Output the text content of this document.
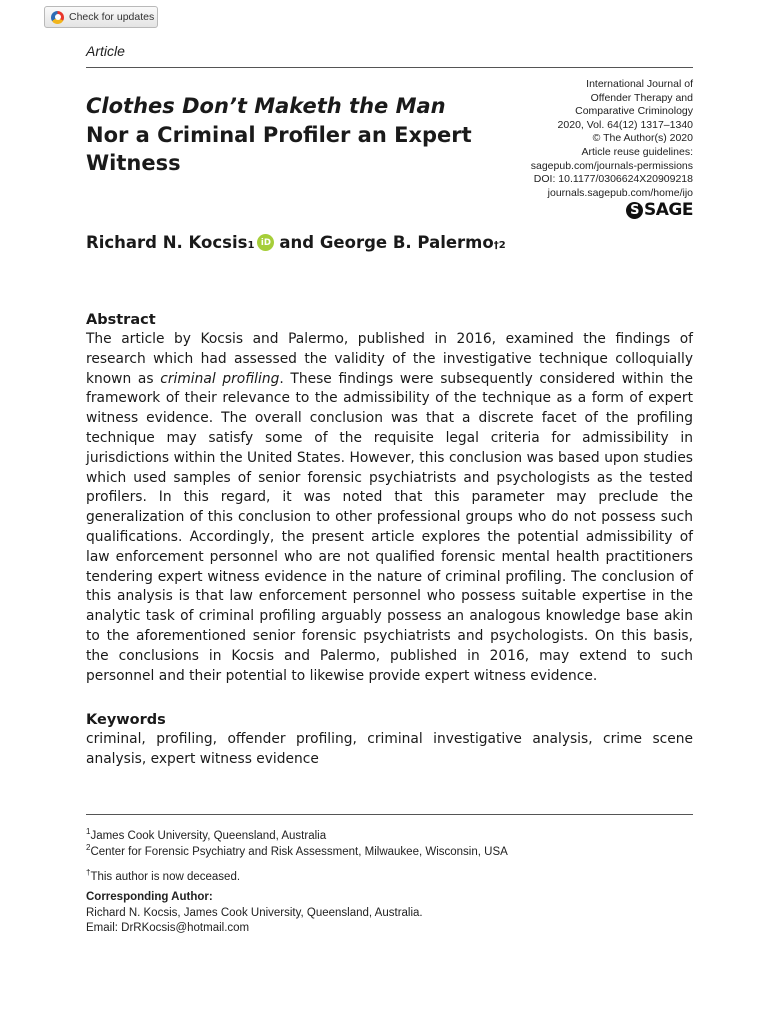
Check for updates
Article
Clothes Don’t Maketh the Man
Nor a Criminal Profiler an Expert Witness
International Journal of
Offender Therapy and
Comparative Criminology
2020, Vol. 64(12) 1317–1340
© The Author(s) 2020
Article reuse guidelines:
sagepub.com/journals-permissions
DOI: 10.1177/0306624X20909218
journals.sagepub.com/home/ijo
S SAGE
Richard N. Kocsis 1 iD and
George B. Palermo †2
Abstract

The article by Kocsis and Palermo, published in 2016, examined the findings of research which had assessed the validity of the investigative technique colloquially known as criminal profiling. These findings were subsequently considered within the framework of their relevance to the admissibility of the technique as a form of expert witness evidence. The overall conclusion was that a discrete facet of the profiling technique may satisfy some of the requisite legal criteria for admissibility in jurisdictions within the United States. However, this conclusion was based upon studies which used samples of senior forensic psychiatrists and psychologists as the tested profilers. In this regard, it was noted that this parameter may preclude the generalization of this conclusion to other professional groups who do not possess such qualifications. Accordingly, the present article explores the potential admissibility of law enforcement personnel who are not qualified forensic mental health practitioners tendering expert witness evidence in the nature of criminal profiling. The conclusion of this analysis is that law enforcement personnel who possess suitable expertise in the analytic task of criminal profiling arguably possess an analogous knowledge base akin to the aforementioned senior forensic psychiatrists and psychologists. On this basis, the conclusions in Kocsis and Palermo, published in 2016, may extend to such personnel and their potential to likewise provide expert witness evidence.

Keywords

criminal, profiling, offender profiling, criminal investigative analysis, crime scene analysis, expert witness evidence

$^1$James Cook University, Queensland, Australia
$^2$Center for Forensic Psychiatry and Risk Assessment, Milwaukee, Wisconsin, USA
†This author is now deceased.
Corresponding Author:
Richard N. Kocsis, James Cook University, Queensland, Australia.
Email: DrRKocsis@hotmail.com
